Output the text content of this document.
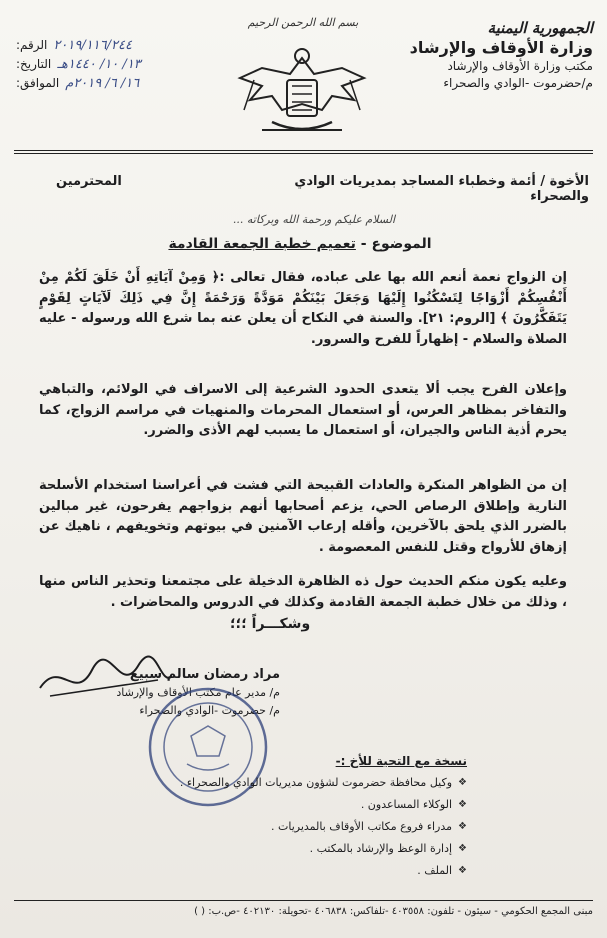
الجمهورية اليمنية
وزارة الأوقاف والإرشاد
مكتب وزارة الأوقاف والإرشاد
م/حضرموت -الوادي والصحراء
بسم الله الرحمن الرحيم
الرقم: ٢٠١٩/١١٦/٢٤٤
التاريخ: ١٣/ ١٠/ ١٤٤٠هـ
الموافق: ١٦/ ٦/ ٢٠١٩م
الأخوة / أئمة وخطباء المساجد بمديريات الوادي والصحراء
المحترمين
السلام عليكم ورحمة الله وبركاته ...
الموضوع - تعميم خطبة الجمعة القادمة
إن الزواج نعمة أنعم الله بها على عباده، فقال تعالى :﴿ وَمِنْ آيَاتِهِ أَنْ خَلَقَ لَكُمْ مِنْ أَنْفُسِكُمْ أَزْوَاجًا لِتَسْكُنُوا إِلَيْهَا وَجَعَلَ بَيْنَكُمْ مَوَدَّةً وَرَحْمَةً إِنَّ فِي ذَلِكَ لَآيَاتٍ لِقَوْمٍ يَتَفَكَّرُونَ ﴾ [الروم: ٢١]. والسنة في النكاح أن يعلن عنه بما شرع الله ورسوله - عليه الصلاة والسلام - إظهاراً للفرح والسرور.
وإعلان الفرح يجب ألا يتعدى الحدود الشرعية إلى الاسراف في الولائم، والتباهي والتفاخر بمظاهر العرس، أو استعمال المحرمات والمنهيات في مراسم الزواج، كما يحرم أذية الناس والجيران، أو استعمال ما يسبب لهم الأذى والضرر.
إن من الظواهر المنكرة والعادات القبيحة التي فشت في أعراسنا استخدام الأسلحة النارية وإطلاق الرصاص الحي، يزعم أصحابها أنهم بزواجهم يفرحون، غير مبالين بالضرر الذي يلحق بالآخرين، وأقله إرعاب الآمنين في بيوتهم وتخويفهم ، ناهيك عن إزهاق للأرواح وقتل للنفس المعصومة .
وعليه يكون منكم الحديث حول ذه الظاهرة الدخيلة على مجتمعنا وتحذير الناس منها ، وذلك من خلال خطبة الجمعة القادمة وكذلك في الدروس والمحاضرات .
وشكـــراً ؛؛؛
مراد رمضان سالم سبيع
م/ مدير عام مكتب الأوقاف والإرشاد
م/ حضرموت -الوادي والصحراء
نسخة مع التحية للأخ :-
❖
وكيل محافظة حضرموت لشؤون مديريات الوادي والصحراء .
❖
الوكلاء المساعدون .
❖
مدراء فروع مكاتب الأوقاف بالمديريات .
❖
إدارة الوعظ والإرشاد بالمكتب .
❖
الملف .
مبنى المجمع الحكومي - سيئون - تلفون: ٤٠٣٥٥٨ -تلفاكس: ٤٠٦٨٣٨ -تحويلة: ٤٠٢١٣٠ -ص.ب: ( )
